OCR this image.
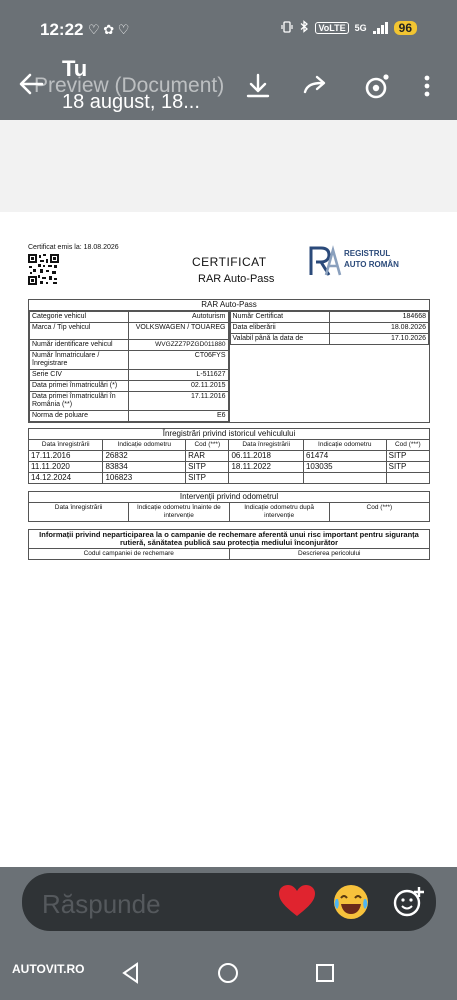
12:22 ♡ ✿ ♡	VoLTE	5G	96
Preview (Document)
Tu
18 august, 18...
Certificat emis la: 18.08.2026
CERTIFICAT
RAR Auto-Pass
REGISTRUL
AUTO ROMÂN
RAR Auto-Pass

Categorie vehicul	Autoturism
Marca / Tip vehicul	VOLKSWAGEN / TOUAREG
Număr identificare vehicul	WVGZZZ7PZGD011880
Număr înmatriculare / înregistrare	CT06FYS
Serie CIV	L-511627
Data primei înmatriculări (*)	02.11.2015
Data primei înmatriculări în România (**)	17.11.2016
Norma de poluare	E6

Număr Certificat	184668
Data eliberării	18.08.2026
Valabil până la data de	17.10.2026
Înregistrări privind istoricul vehiculului					
Data înregistrării	Indicație odometru	Cod (***)	Data înregistrării	Indicație odometru	Cod (***)
17.11.2016	26832	RAR	06.11.2018	61474	SITP
11.11.2020	83834	SITP	18.11.2022	103035	SITP
14.12.2024	106823	SITP			
Intervenții privind odometrul
Data înregistrării	Indicație odometru înainte de intervenție	Indicație odometru după intervenție	Cod (***)
Informații privind neparticiparea la o campanie de rechemare aferentă unui risc important pentru siguranța rutieră, sănătatea publică sau protecția mediului înconjurător
Codul campaniei de rechemare	Descrierea pericolului
Răspunde
AUTOVIT.RO
